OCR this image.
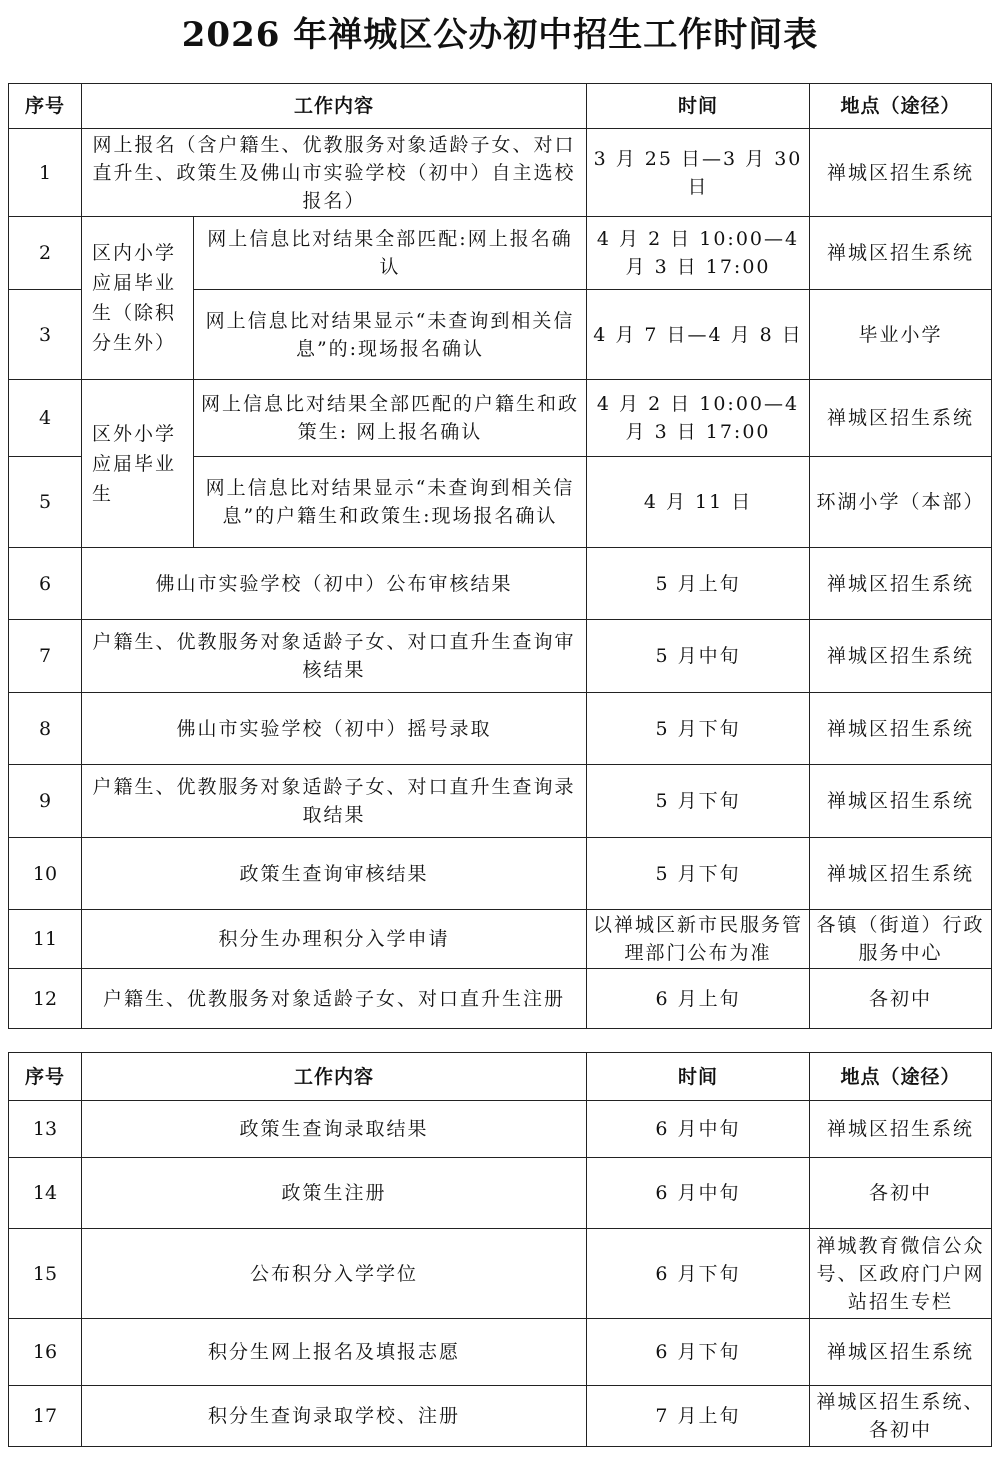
2026 年禅城区公办初中招生工作时间表
序号	工作内容		时间	地点（途径）
1	网上报名（含户籍生、优教服务对象适龄子女、对口直升生、政策生及佛山市实验学校（初中）自主选校报名）		3 月 25 日—3 月 30 日	禅城区招生系统
2	区内小学应届毕业生（除积分生外）	网上信息比对结果全部匹配:网上报名确认	4 月 2 日 10:00—4 月 3 日 17:00	禅城区招生系统
3		网上信息比对结果显示“未查询到相关信息”的:现场报名确认	4 月 7 日—4 月 8 日	毕业小学
4	区外小学应届毕业生	网上信息比对结果全部匹配的户籍生和政策生: 网上报名确认	4 月 2 日 10:00—4 月 3 日 17:00	禅城区招生系统
5		网上信息比对结果显示“未查询到相关信息”的户籍生和政策生:现场报名确认	4 月 11 日	环湖小学（本部）
6	佛山市实验学校（初中）公布审核结果		5 月上旬	禅城区招生系统
7	户籍生、优教服务对象适龄子女、对口直升生查询审核结果		5 月中旬	禅城区招生系统
8	佛山市实验学校（初中）摇号录取		5 月下旬	禅城区招生系统
9	户籍生、优教服务对象适龄子女、对口直升生查询录取结果		5 月下旬	禅城区招生系统
10	政策生查询审核结果		5 月下旬	禅城区招生系统
11	积分生办理积分入学申请		以禅城区新市民服务管理部门公布为准	各镇（街道）行政服务中心
12	户籍生、优教服务对象适龄子女、对口直升生注册		6 月上旬	各初中
序号	工作内容	时间	地点（途径）
13	政策生查询录取结果	6 月中旬	禅城区招生系统
14	政策生注册	6 月中旬	各初中
15	公布积分入学学位	6 月下旬	禅城教育微信公众号、区政府门户网站招生专栏
16	积分生网上报名及填报志愿	6 月下旬	禅城区招生系统
17	积分生查询录取学校、注册	7 月上旬	禅城区招生系统、各初中
